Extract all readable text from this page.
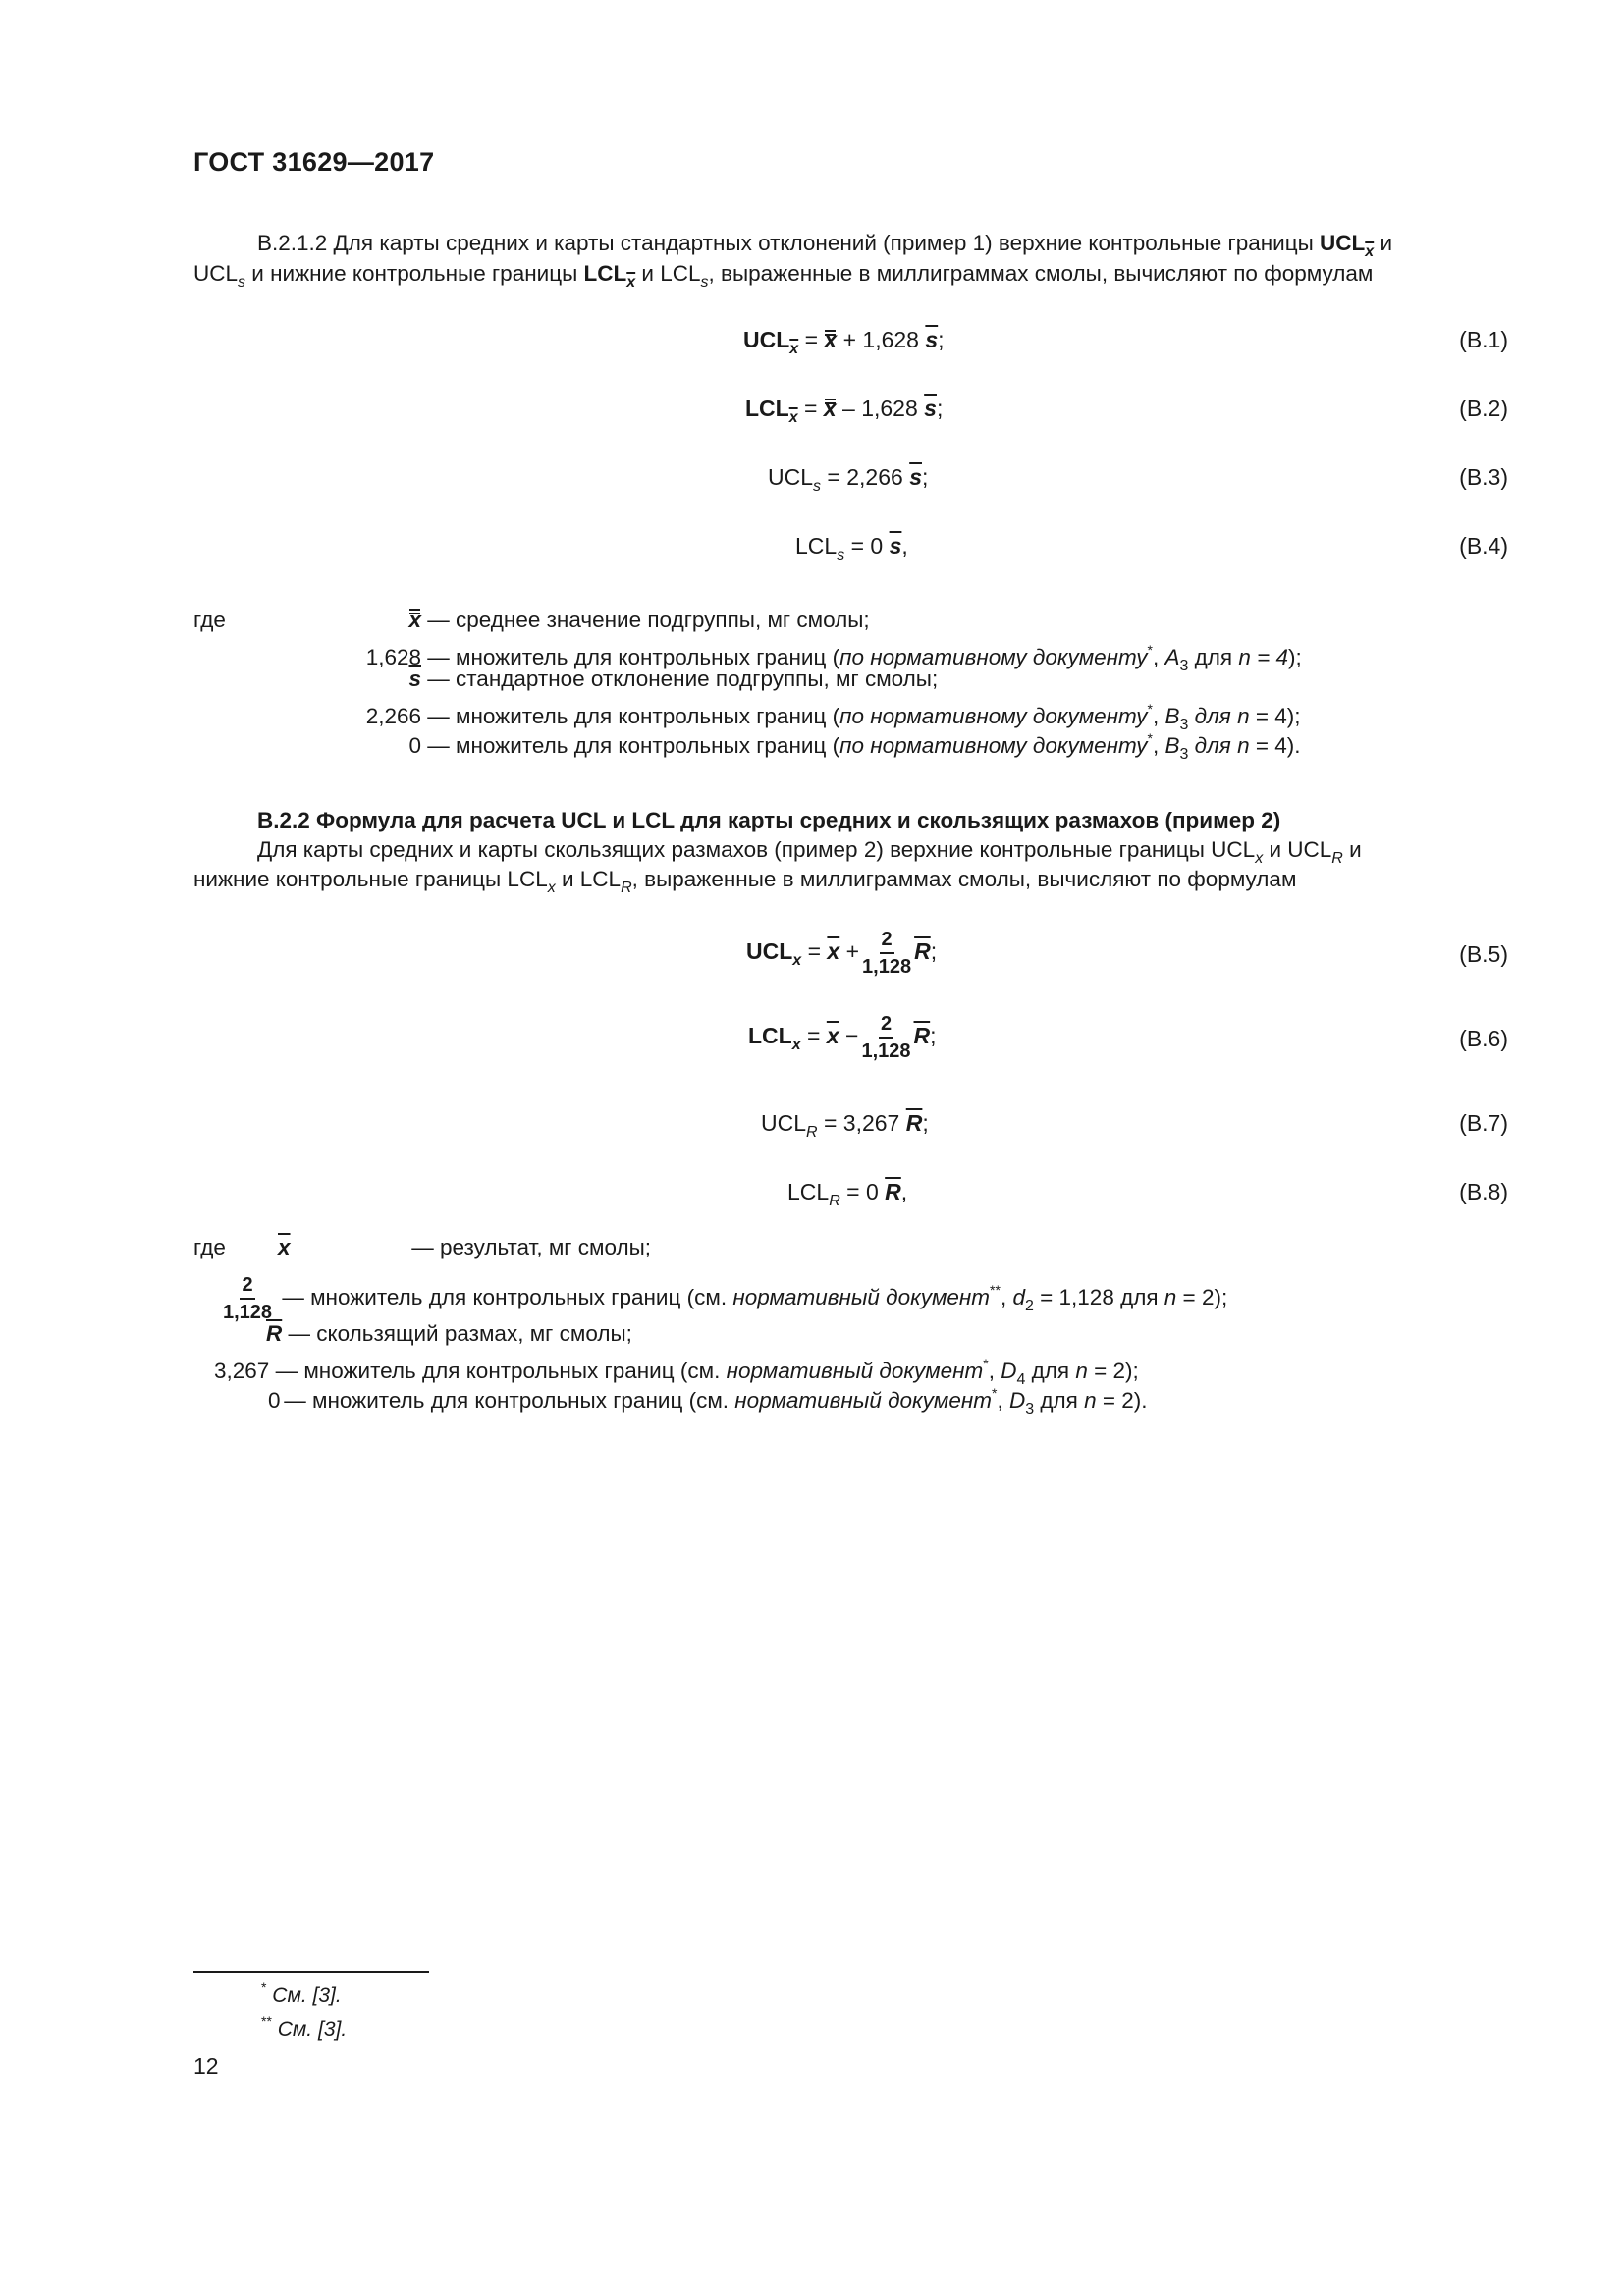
ГОСТ 31629—2017
В.2.1.2 Для карты средних и карты стандартных отклонений (пример 1) верхние контрольные границы $UCL_{\overline{x}}$ и
$UCL_s$ и нижние контрольные границы $LCL_{\overline{x}}$ и $LCL_s$, выраженные в миллиграммах смолы, вычисляют по формулам
$UCL_{\overline{x}} = x + 1,628$ $\overline{s}$;	(В.1)
$LCL_{\overline{x}} = x - 1,628$ $\overline{s}$;	(В.2)
$UCL_s = 2,266$ $\overline{s}$;	(В.3)
$LCL_s = 0$ $\overline{s}$,	(В.4)
где	x — среднее значение подгруппы, мг смолы;
1,628 — множитель для контрольных границ (по нормативному документу*, $A_3$ для n = 4);
$\overline{s}$ — стандартное отклонение подгруппы, мг смолы;
2,266 — множитель для контрольных границ (по нормативному документу*, $B_3$ для n = 4);
0 — множитель для контрольных границ (по нормативному документу*, $B_3$ для n = 4).
В.2.2 Формула для расчета UCL и LCL для карты средних и скользящих размахов (пример 2)
Для карты средних и карты скользящих размахов (пример 2) верхние контрольные границы $UCL_x$ и $UCL_R$ и
нижние контрольные границы $LCL_x$ и $LCL_R$, выраженные в миллиграммах смолы, вычисляют по формулам
$UCL_x = \overline{x} + \frac{2}{1,128} \overline{R}$;	(В.5)
$LCL_x = \overline{x} - \frac{2}{1,128} \overline{R}$;	(В.6)
$UCL_R = 3,267$ $\overline{R}$;	(В.7)
$LCL_R = 0$ $\overline{R}$,	(В.8)
где $\overline{x}$	— результат, мг смолы;
$\frac{2}{1,128}$ — множитель для контрольных границ (см. нормативный документ**, $d_2 = 1,128$ для n = 2);
$\overline{R}$ — скользящий размах, мг смолы;
3,267 — множитель для контрольных границ (см. нормативный документ*, $D_4$ для n = 2);
0 — множитель для контрольных границ (см. нормативный документ*, $D_3$ для n = 2).
* См. [3].
** См. [3].
12
